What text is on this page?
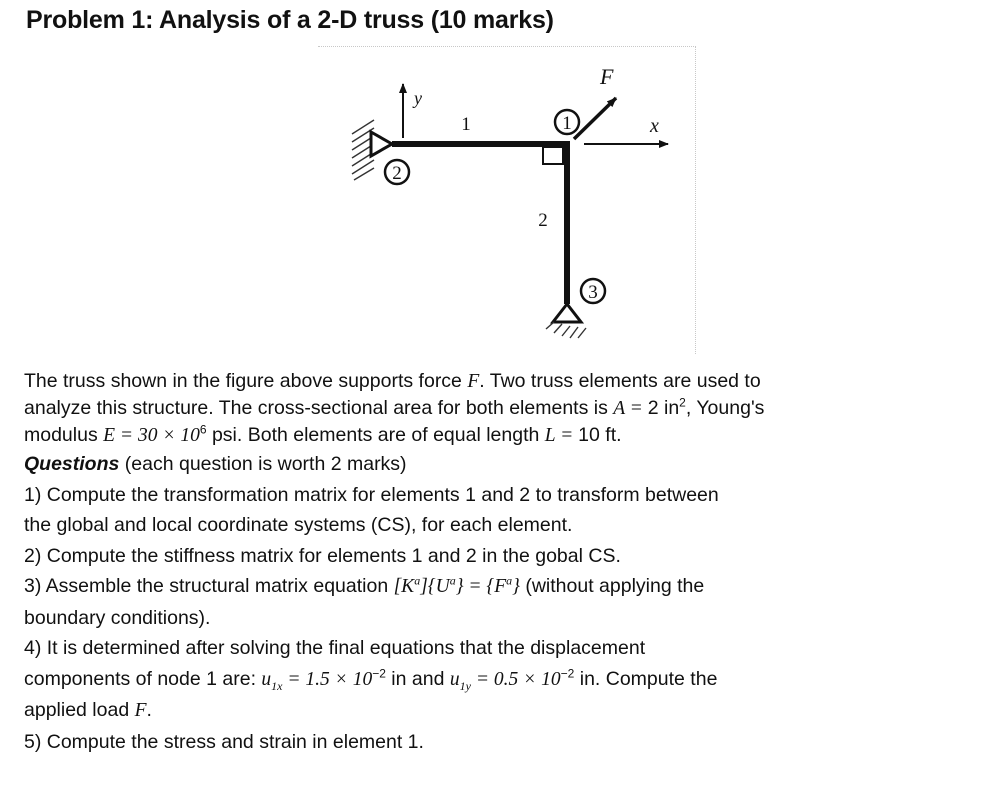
Problem 1: Analysis of a 2-D truss (10 marks)
1
2
3
1
2
F
x
y

The truss shown in the figure above supports force F. Two truss elements are used to

analyze this structure. The cross-sectional area for both elements is A = 2 $in^2$, Young's

modulus $E = 30 \times 10^6$ psi. Both elements are of equal length L = 10 ft.

Questions (each question is worth 2 marks)

1) Compute the transformation matrix for elements 1 and 2 to transform between

the global and local coordinate systems (CS), for each element.

2) Compute the stiffness matrix for elements 1 and 2 in the gobal CS.

3) Assemble the structural matrix equation $[K^a]\{U^a\} = \{F^a\}$ (without applying the

boundary conditions).

4) It is determined after solving the final equations that the displacement

components of node 1 are: $u_{1x} = 1.5 \times 10^{-2}$ in and $u_{1y} = 0.5 \times 10^{-2}$ in. Compute the

applied load F.

5) Compute the stress and strain in element 1.
